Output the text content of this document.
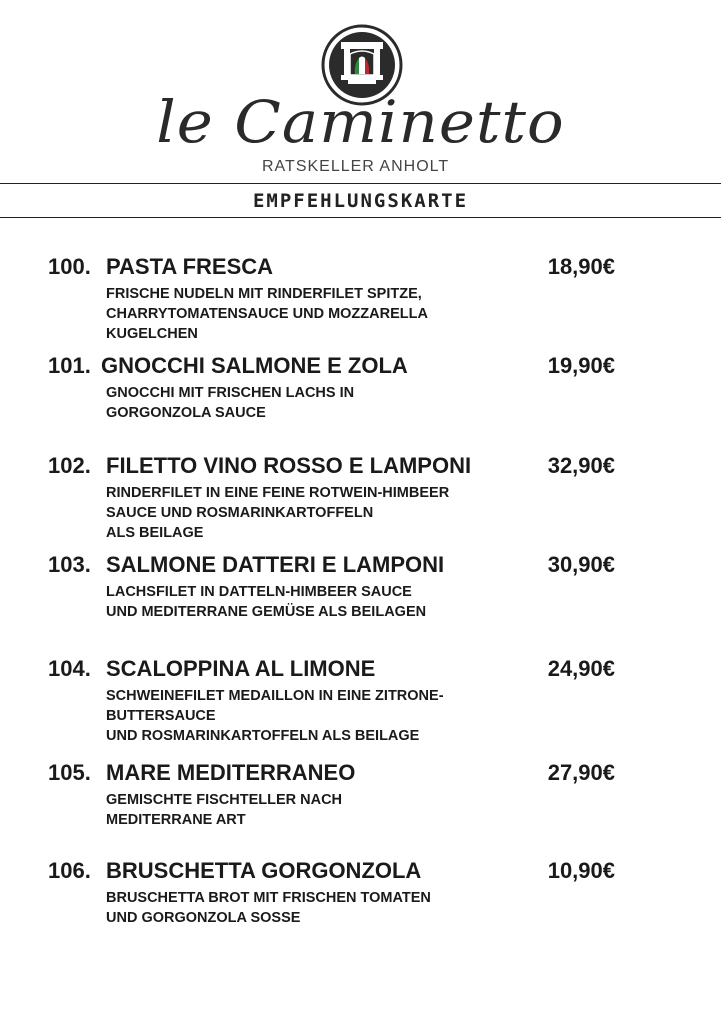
le Caminetto
RATSKELLER ANHOLT
EMPFEHLUNGSKARTE
100. PASTA FRESCA	18,90€
FRISCHE NUDELN MIT RINDERFILET SPITZE,
CHARRYTOMATENSAUCE UND MOZZARELLA
KUGELCHEN
101. GNOCCHI SALMONE E ZOLA	19,90€
GNOCCHI MIT FRISCHEN LACHS IN
GORGONZOLA SAUCE
102. FILETTO VINO ROSSO E LAMPONI	32,90€
RINDERFILET IN EINE FEINE ROTWEIN-HIMBEER
SAUCE UND ROSMARINKARTOFFELN
ALS BEILAGE
103. SALMONE DATTERI E LAMPONI	30,90€
LACHSFILET IN DATTELN-HIMBEER SAUCE
UND MEDITERRANE GEMÜSE ALS BEILAGEN
104. SCALOPPINA AL LIMONE	24,90€
SCHWEINEFILET MEDAILLON IN EINE ZITRONE-
BUTTERSAUCE
UND ROSMARINKARTOFFELN ALS BEILAGE
105. MARE MEDITERRANEO	27,90€
GEMISCHTE FISCHTELLER NACH
MEDITERRANE ART
106. BRUSCHETTA GORGONZOLA	10,90€
BRUSCHETTA BROT MIT FRISCHEN TOMATEN
UND GORGONZOLA SOSSE
